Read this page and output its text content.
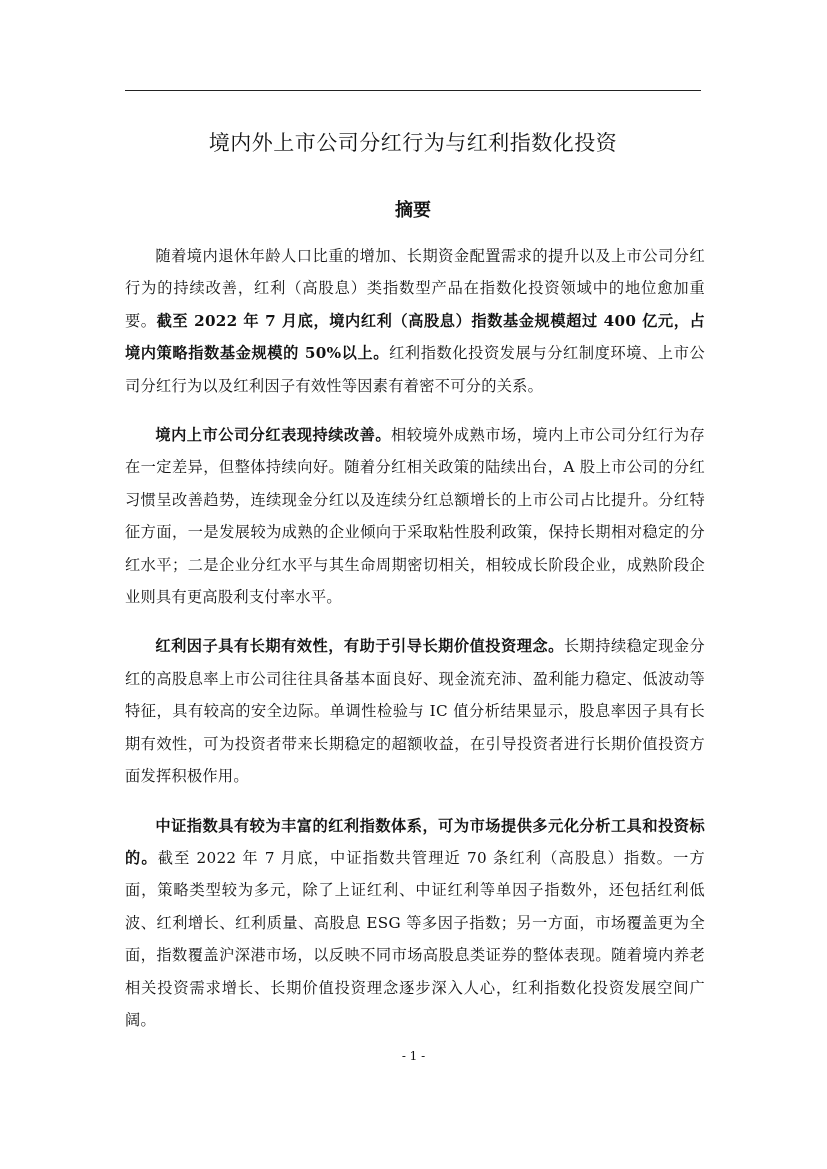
境内外上市公司分红行为与红利指数化投资
摘要

随着境内退休年龄人口比重的增加、长期资金配置需求的提升以及上市公司分红行为的持续改善，红利（高股息）类指数型产品在指数化投资领域中的地位愈加重要。截至 2022 年 7 月底，境内红利（高股息）指数基金规模超过 400 亿元，占境内策略指数基金规模的 50%以上。红利指数化投资发展与分红制度环境、上市公司分红行为以及红利因子有效性等因素有着密不可分的关系。

境内上市公司分红表现持续改善。相较境外成熟市场，境内上市公司分红行为存在一定差异，但整体持续向好。随着分红相关政策的陆续出台，A 股上市公司的分红习惯呈改善趋势，连续现金分红以及连续分红总额增长的上市公司占比提升。分红特征方面，一是发展较为成熟的企业倾向于采取粘性股利政策，保持长期相对稳定的分红水平；二是企业分红水平与其生命周期密切相关，相较成长阶段企业，成熟阶段企业则具有更高股利支付率水平。

红利因子具有长期有效性，有助于引导长期价值投资理念。长期持续稳定现金分红的高股息率上市公司往往具备基本面良好、现金流充沛、盈利能力稳定、低波动等特征，具有较高的安全边际。单调性检验与 IC 值分析结果显示，股息率因子具有长期有效性，可为投资者带来长期稳定的超额收益，在引导投资者进行长期价值投资方面发挥积极作用。

中证指数具有较为丰富的红利指数体系，可为市场提供多元化分析工具和投资标的。截至 2022 年 7 月底，中证指数共管理近 70 条红利（高股息）指数。一方面，策略类型较为多元，除了上证红利、中证红利等单因子指数外，还包括红利低波、红利增长、红利质量、高股息 ESG 等多因子指数；另一方面，市场覆盖更为全面，指数覆盖沪深港市场，以反映不同市场高股息类证券的整体表现。随着境内养老相关投资需求增长、长期价值投资理念逐步深入人心，红利指数化投资发展空间广阔。

- 1 -
